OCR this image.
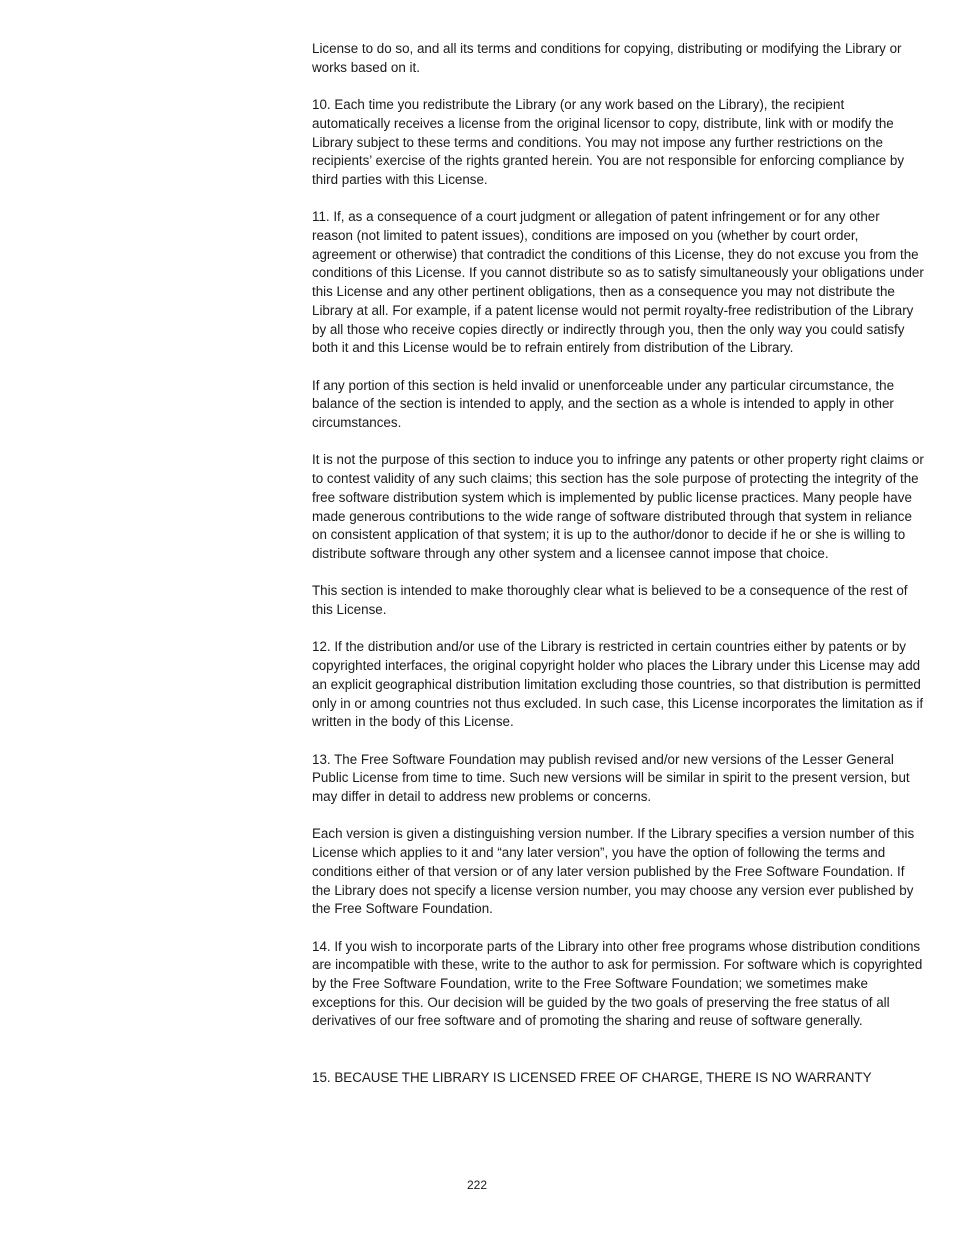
License to do so, and all its terms and conditions for copying, distributing or modifying the Library or works based on it.

10. Each time you redistribute the Library (or any work based on the Library), the recipient automatically receives a license from the original licensor to copy, distribute, link with or modify the Library subject to these terms and conditions. You may not impose any further restrictions on the recipients’ exercise of the rights granted herein. You are not responsible for enforcing compliance by third parties with this License.

11. If, as a consequence of a court judgment or allegation of patent infringement or for any other reason (not limited to patent issues), conditions are imposed on you (whether by court order, agreement or otherwise) that contradict the conditions of this License, they do not excuse you from the conditions of this License. If you cannot distribute so as to satisfy simultaneously your obligations under this License and any other pertinent obligations, then as a consequence you may not distribute the Library at all. For example, if a patent license would not permit royalty-free redistribution of the Library by all those who receive copies directly or indirectly through you, then the only way you could satisfy both it and this License would be to refrain entirely from distribution of the Library.

If any portion of this section is held invalid or unenforceable under any particular circumstance, the balance of the section is intended to apply, and the section as a whole is intended to apply in other circumstances.

It is not the purpose of this section to induce you to infringe any patents or other property right claims or to contest validity of any such claims; this section has the sole purpose of protecting the integrity of the free software distribution system which is implemented by public license practices. Many people have made generous contributions to the wide range of software distributed through that system in reliance on consistent application of that system; it is up to the author/donor to decide if he or she is willing to distribute software through any other system and a licensee cannot impose that choice.

This section is intended to make thoroughly clear what is believed to be a consequence of the rest of this License.

12. If the distribution and/or use of the Library is restricted in certain countries either by patents or by copyrighted interfaces, the original copyright holder who places the Library under this License may add an explicit geographical distribution limitation excluding those countries, so that distribution is permitted only in or among countries not thus excluded. In such case, this License incorporates the limitation as if written in the body of this License.

13. The Free Software Foundation may publish revised and/or new versions of the Lesser General Public License from time to time. Such new versions will be similar in spirit to the present version, but may differ in detail to address new problems or concerns.

Each version is given a distinguishing version number. If the Library specifies a version number of this License which applies to it and “any later version”, you have the option of following the terms and conditions either of that version or of any later version published by the Free Software Foundation. If the Library does not specify a license version number, you may choose any version ever published by the Free Software Foundation.

14. If you wish to incorporate parts of the Library into other free programs whose distribution conditions are incompatible with these, write to the author to ask for permission. For software which is copyrighted by the Free Software Foundation, write to the Free Software Foundation; we sometimes make exceptions for this. Our decision will be guided by the two goals of preserving the free status of all derivatives of our free software and of promoting the sharing and reuse of software generally.

15. BECAUSE THE LIBRARY IS LICENSED FREE OF CHARGE, THERE IS NO WARRANTY

222
